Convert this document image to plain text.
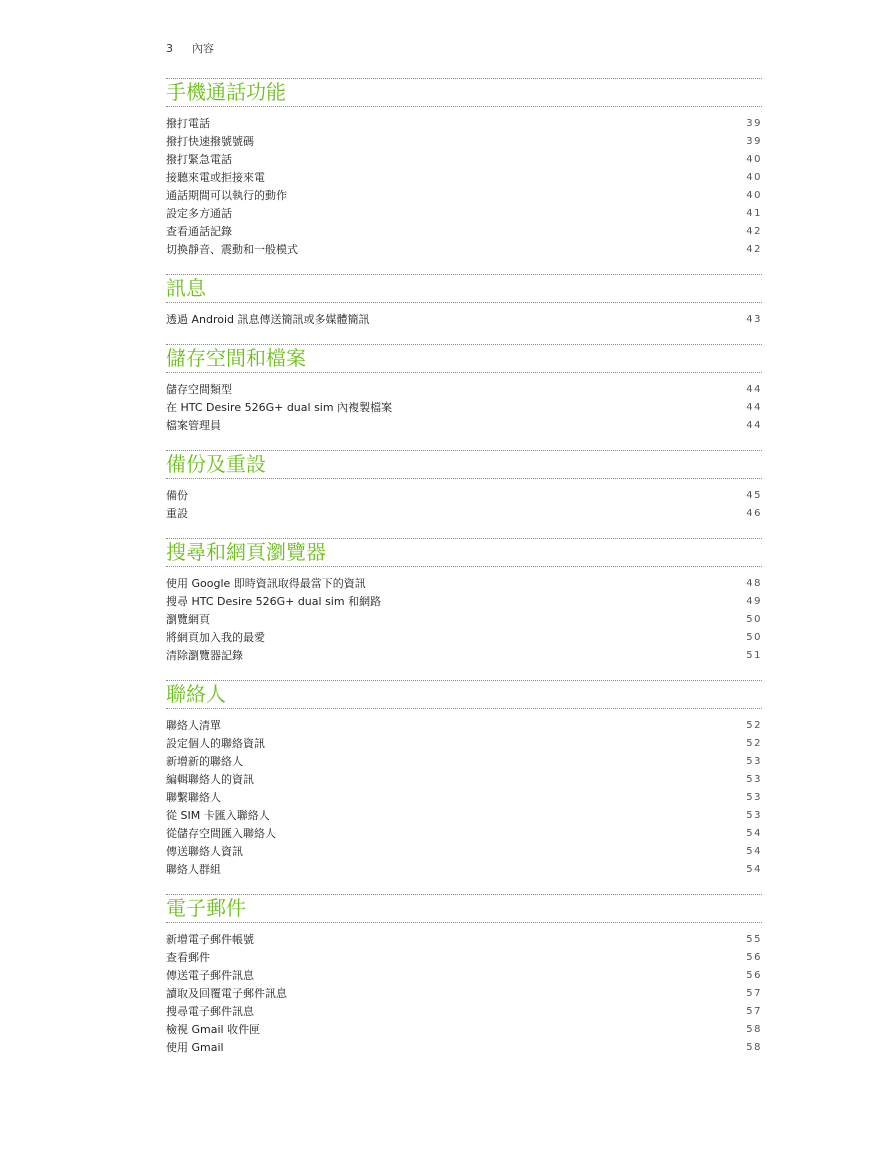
3 內容
手機通話功能
撥打電話	39
撥打快速撥號號碼	39
撥打緊急電話	40
接聽來電或拒接來電	40
通話期間可以執行的動作	40
設定多方通話	41
查看通話記錄	42
切換靜音、震動和一般模式	42
訊息
透過 Android 訊息傳送簡訊或多媒體簡訊	43
儲存空間和檔案
儲存空間類型	44
在 HTC Desire 526G+ dual sim 內複製檔案	44
檔案管理員	44
備份及重設
備份	45
重設	46
搜尋和網頁瀏覽器
使用 Google 即時資訊取得最當下的資訊	48
搜尋 HTC Desire 526G+ dual sim 和網路	49
瀏覽網頁	50
將網頁加入我的最愛	50
清除瀏覽器記錄	51
聯絡人
聯絡人清單	52
設定個人的聯絡資訊	52
新增新的聯絡人	53
編輯聯絡人的資訊	53
聯繫聯絡人	53
從 SIM 卡匯入聯絡人	53
從儲存空間匯入聯絡人	54
傳送聯絡人資訊	54
聯絡人群組	54
電子郵件
新增電子郵件帳號	55
查看郵件	56
傳送電子郵件訊息	56
讀取及回覆電子郵件訊息	57
搜尋電子郵件訊息	57
檢視 Gmail 收件匣	58
使用 Gmail	58
